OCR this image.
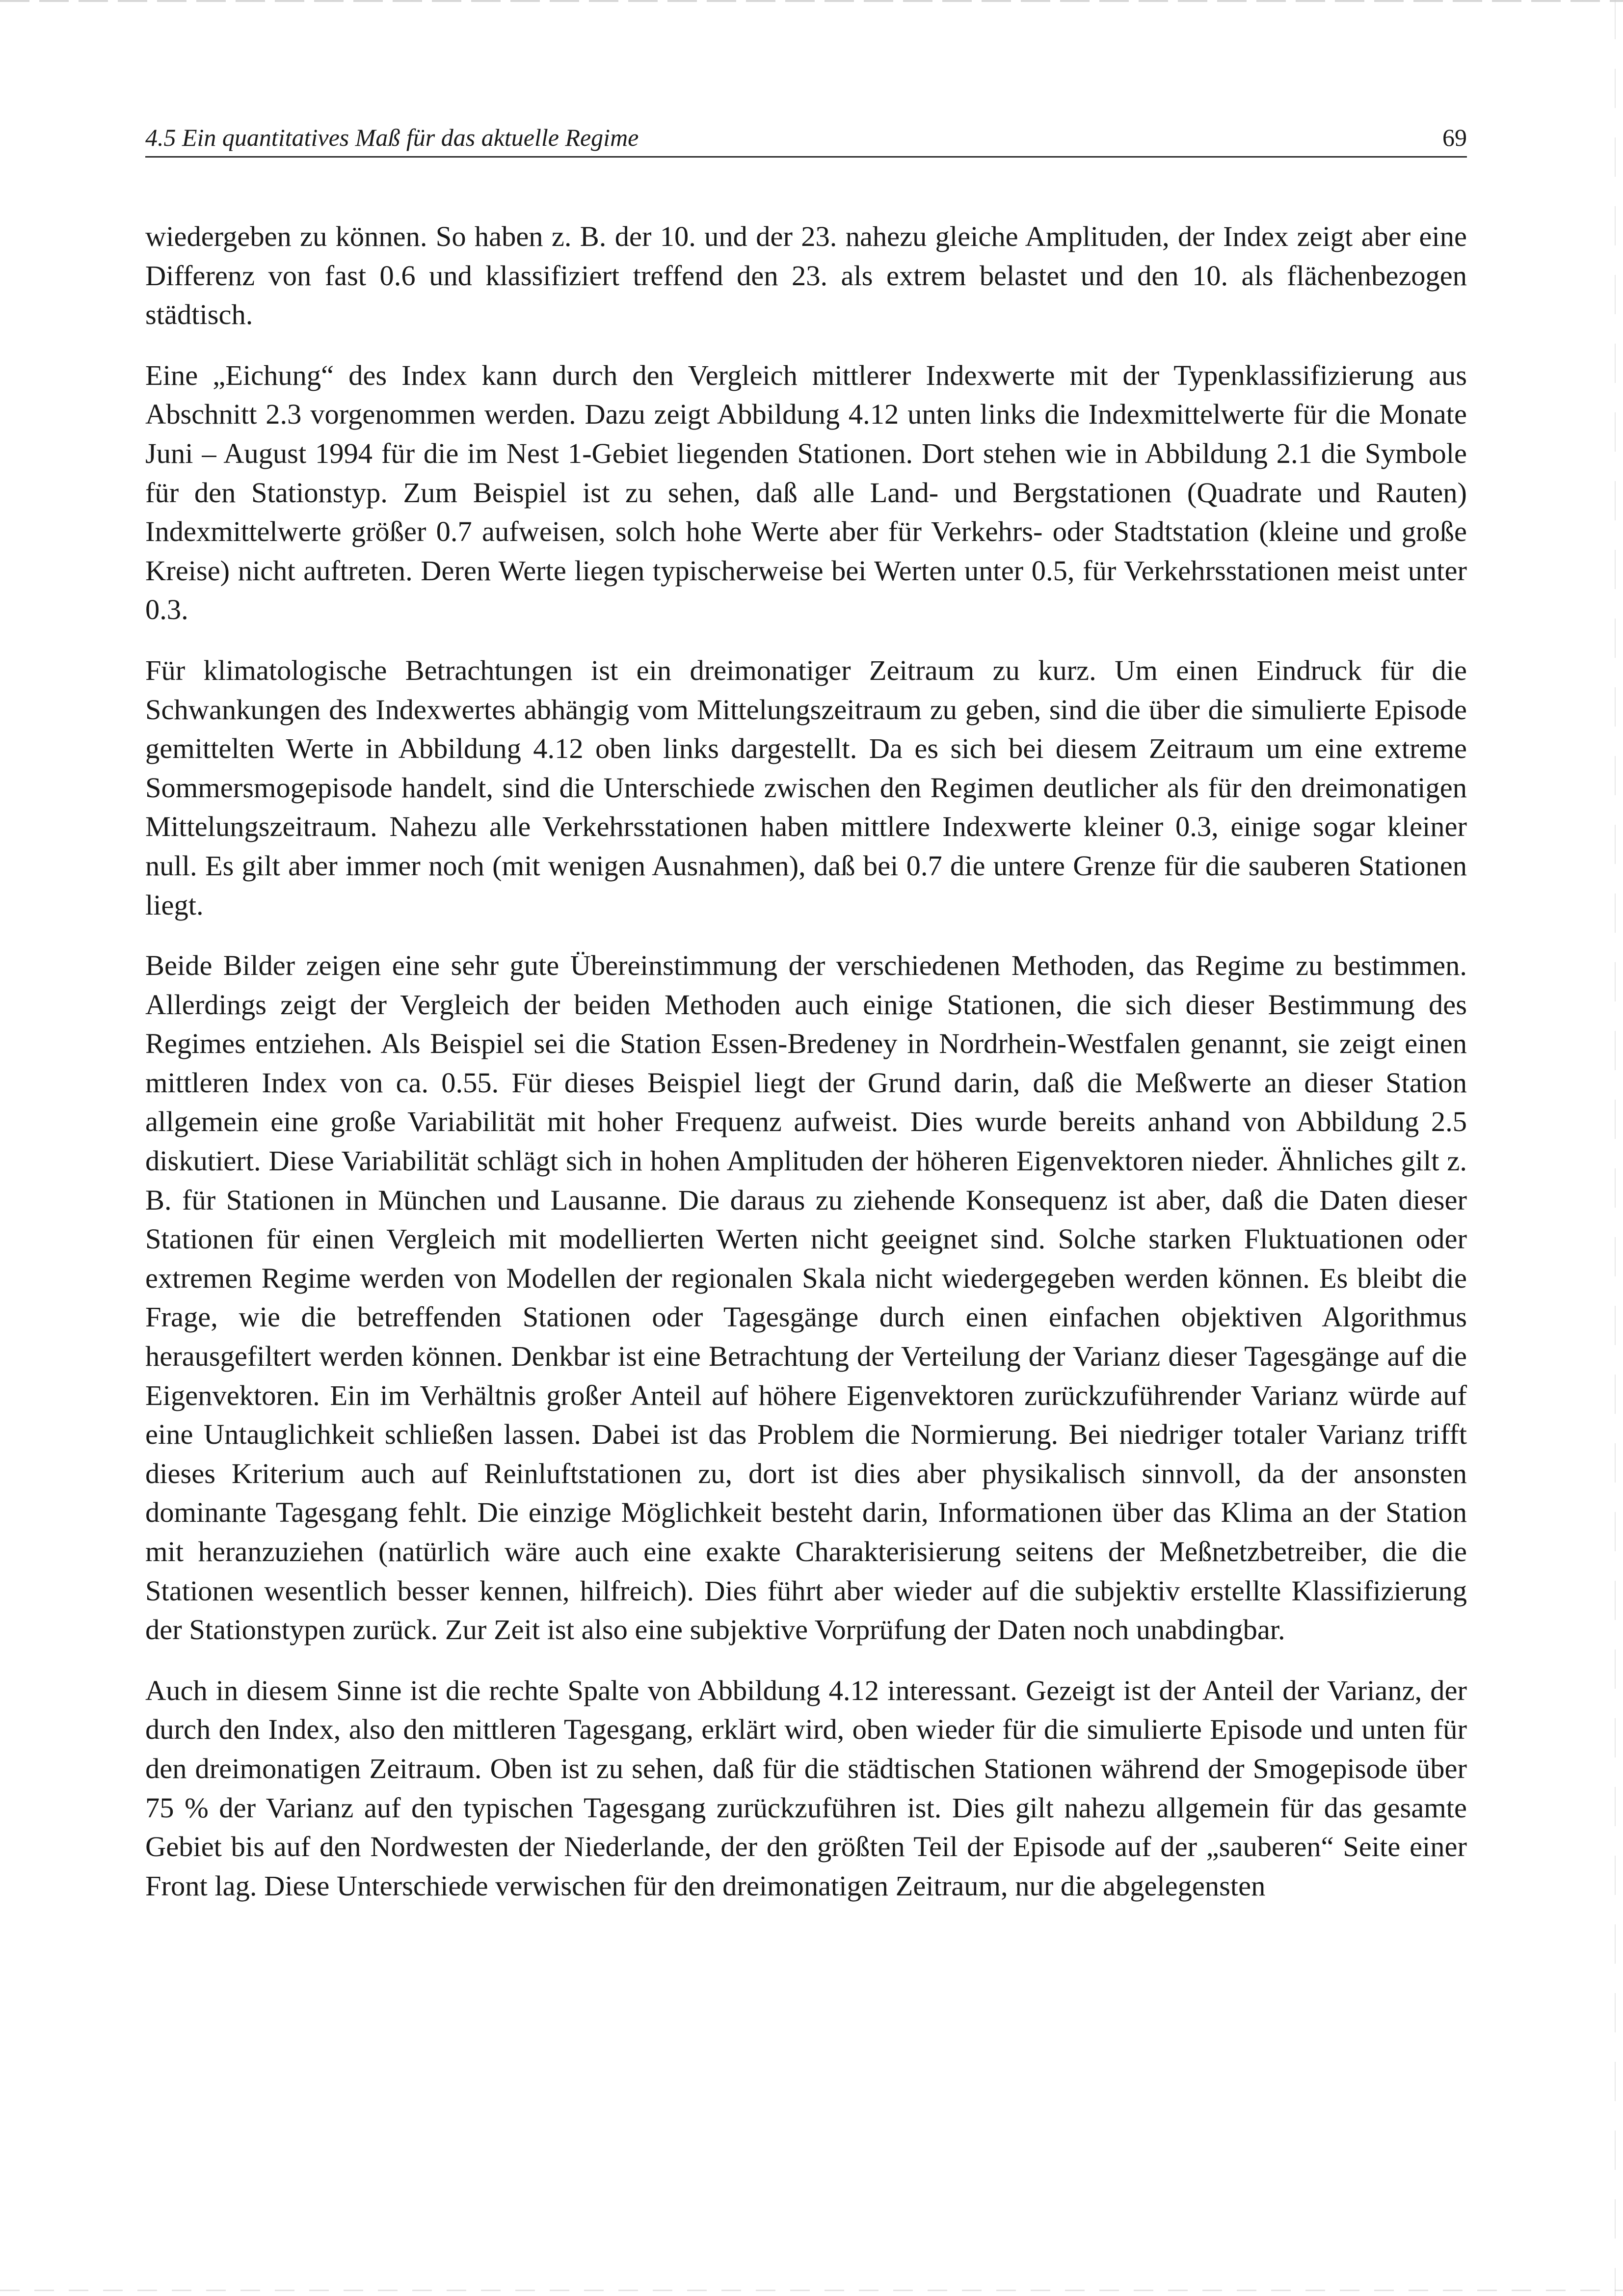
4.5 Ein quantitatives Maß für das aktuelle Regime	69

wiedergeben zu können. So haben z. B. der 10. und der 23. nahezu gleiche Amplituden, der Index zeigt aber eine Differenz von fast 0.6 und klassifiziert treffend den 23. als extrem belastet und den 10. als flächenbezogen städtisch.

Eine „Eichung“ des Index kann durch den Vergleich mittlerer Indexwerte mit der Typenklassifizierung aus Abschnitt 2.3 vorgenommen werden. Dazu zeigt Abbildung 4.12 unten links die Indexmittelwerte für die Monate Juni – August 1994 für die im Nest 1-Gebiet liegenden Stationen. Dort stehen wie in Abbildung 2.1 die Symbole für den Stationstyp. Zum Beispiel ist zu sehen, daß alle Land- und Bergstationen (Quadrate und Rauten) Indexmittelwerte größer 0.7 aufweisen, solch hohe Werte aber für Verkehrs- oder Stadtstation (kleine und große Kreise) nicht auftreten. Deren Werte liegen typischerweise bei Werten unter 0.5, für Verkehrsstationen meist unter 0.3.

Für klimatologische Betrachtungen ist ein dreimonatiger Zeitraum zu kurz. Um einen Eindruck für die Schwankungen des Indexwertes abhängig vom Mittelungszeitraum zu geben, sind die über die simulierte Episode gemittelten Werte in Abbildung 4.12 oben links dargestellt. Da es sich bei diesem Zeitraum um eine extreme Sommersmogepisode handelt, sind die Unterschiede zwischen den Regimen deutlicher als für den dreimonatigen Mittelungszeitraum. Nahezu alle Verkehrsstationen haben mittlere Indexwerte kleiner 0.3, einige sogar kleiner null. Es gilt aber immer noch (mit wenigen Ausnahmen), daß bei 0.7 die untere Grenze für die sauberen Stationen liegt.

Beide Bilder zeigen eine sehr gute Übereinstimmung der verschiedenen Methoden, das Regime zu bestimmen. Allerdings zeigt der Vergleich der beiden Methoden auch einige Stationen, die sich dieser Bestimmung des Regimes entziehen. Als Beispiel sei die Station Essen-Bredeney in Nordrhein-Westfalen genannt, sie zeigt einen mittleren Index von ca. 0.55. Für dieses Beispiel liegt der Grund darin, daß die Meßwerte an dieser Station allgemein eine große Variabilität mit hoher Frequenz aufweist. Dies wurde bereits anhand von Abbildung 2.5 diskutiert. Diese Variabilität schlägt sich in hohen Amplituden der höheren Eigenvektoren nieder. Ähnliches gilt z. B. für Stationen in München und Lausanne. Die daraus zu ziehende Konsequenz ist aber, daß die Daten dieser Stationen für einen Vergleich mit modellierten Werten nicht geeignet sind. Solche starken Fluktuationen oder extremen Regime werden von Modellen der regionalen Skala nicht wiedergegeben werden können. Es bleibt die Frage, wie die betreffenden Stationen oder Tagesgänge durch einen einfachen objektiven Algorithmus herausgefiltert werden können. Denkbar ist eine Betrachtung der Verteilung der Varianz dieser Tagesgänge auf die Eigenvektoren. Ein im Verhältnis großer Anteil auf höhere Eigenvektoren zurückzuführender Varianz würde auf eine Untauglichkeit schließen lassen. Dabei ist das Problem die Normierung. Bei niedriger totaler Varianz trifft dieses Kriterium auch auf Reinluftstationen zu, dort ist dies aber physikalisch sinnvoll, da der ansonsten dominante Tagesgang fehlt. Die einzige Möglichkeit besteht darin, Informationen über das Klima an der Station mit heranzuziehen (natürlich wäre auch eine exakte Charakterisierung seitens der Meßnetzbetreiber, die die Stationen wesentlich besser kennen, hilfreich). Dies führt aber wieder auf die subjektiv erstellte Klassifizierung der Stationstypen zurück. Zur Zeit ist also eine subjektive Vorprüfung der Daten noch unabdingbar.

Auch in diesem Sinne ist die rechte Spalte von Abbildung 4.12 interessant. Gezeigt ist der Anteil der Varianz, der durch den Index, also den mittleren Tagesgang, erklärt wird, oben wieder für die simulierte Episode und unten für den dreimonatigen Zeitraum. Oben ist zu sehen, daß für die städtischen Stationen während der Smogepisode über 75 % der Varianz auf den typischen Tagesgang zurückzuführen ist. Dies gilt nahezu allgemein für das gesamte Gebiet bis auf den Nordwesten der Niederlande, der den größten Teil der Episode auf der „sauberen“ Seite einer Front lag. Diese Unterschiede verwischen für den dreimonatigen Zeitraum, nur die abgelegensten
